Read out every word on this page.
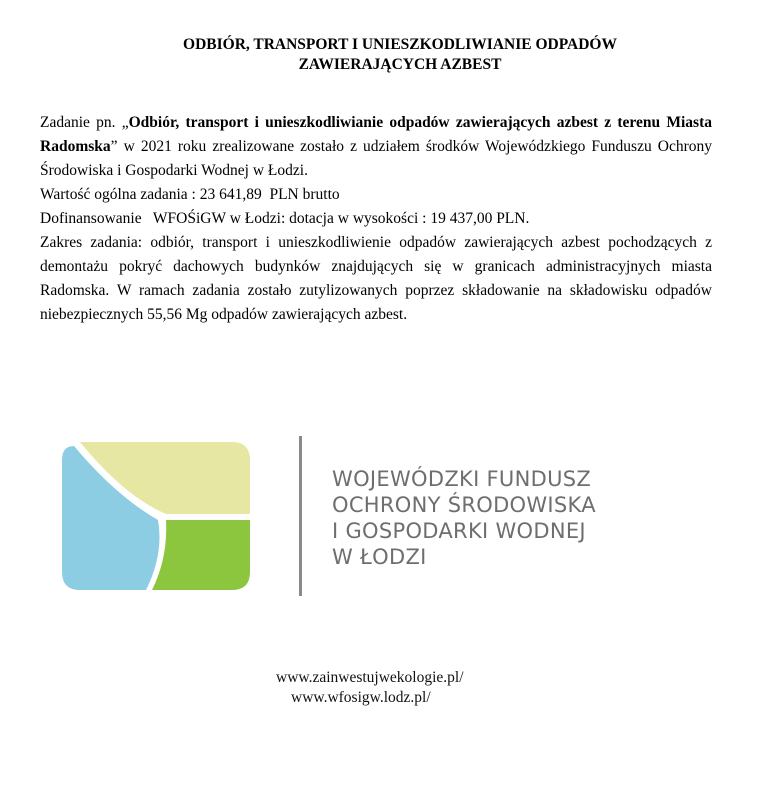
ODBIÓR, TRANSPORT I UNIESZKODLIWIANIE ODPADÓW
ZAWIERAJĄCYCH AZBEST

Zadanie pn. „Odbiór, transport i unieszkodliwianie odpadów zawierających azbest z terenu Miasta Radomska” w 2021 roku zrealizowane zostało z udziałem środków Wojewódzkiego Funduszu Ochrony Środowiska i Gospodarki Wodnej w Łodzi.

Wartość ogólna zadania : 23 641,89  PLN brutto

Dofinansowanie   WFOŚiGW w Łodzi: dotacja w wysokości : 19 437,00 PLN.

Zakres zadania: odbiór, transport i unieszkodliwienie odpadów zawierających azbest pochodzących z demontażu pokryć dachowych budynków znajdujących się w granicach administracyjnych miasta Radomska. W ramach zadania zostało zutylizowanych poprzez składowanie na składowisku odpadów niebezpiecznych 55,56 Mg odpadów zawierających azbest.

WOJEWÓDZKI FUNDUSZ
OCHRONY ŚRODOWISKA
I GOSPODARKI WODNEJ
W ŁODZI
www.zainwestujwekologie.pl/
www.wfosigw.lodz.pl/
